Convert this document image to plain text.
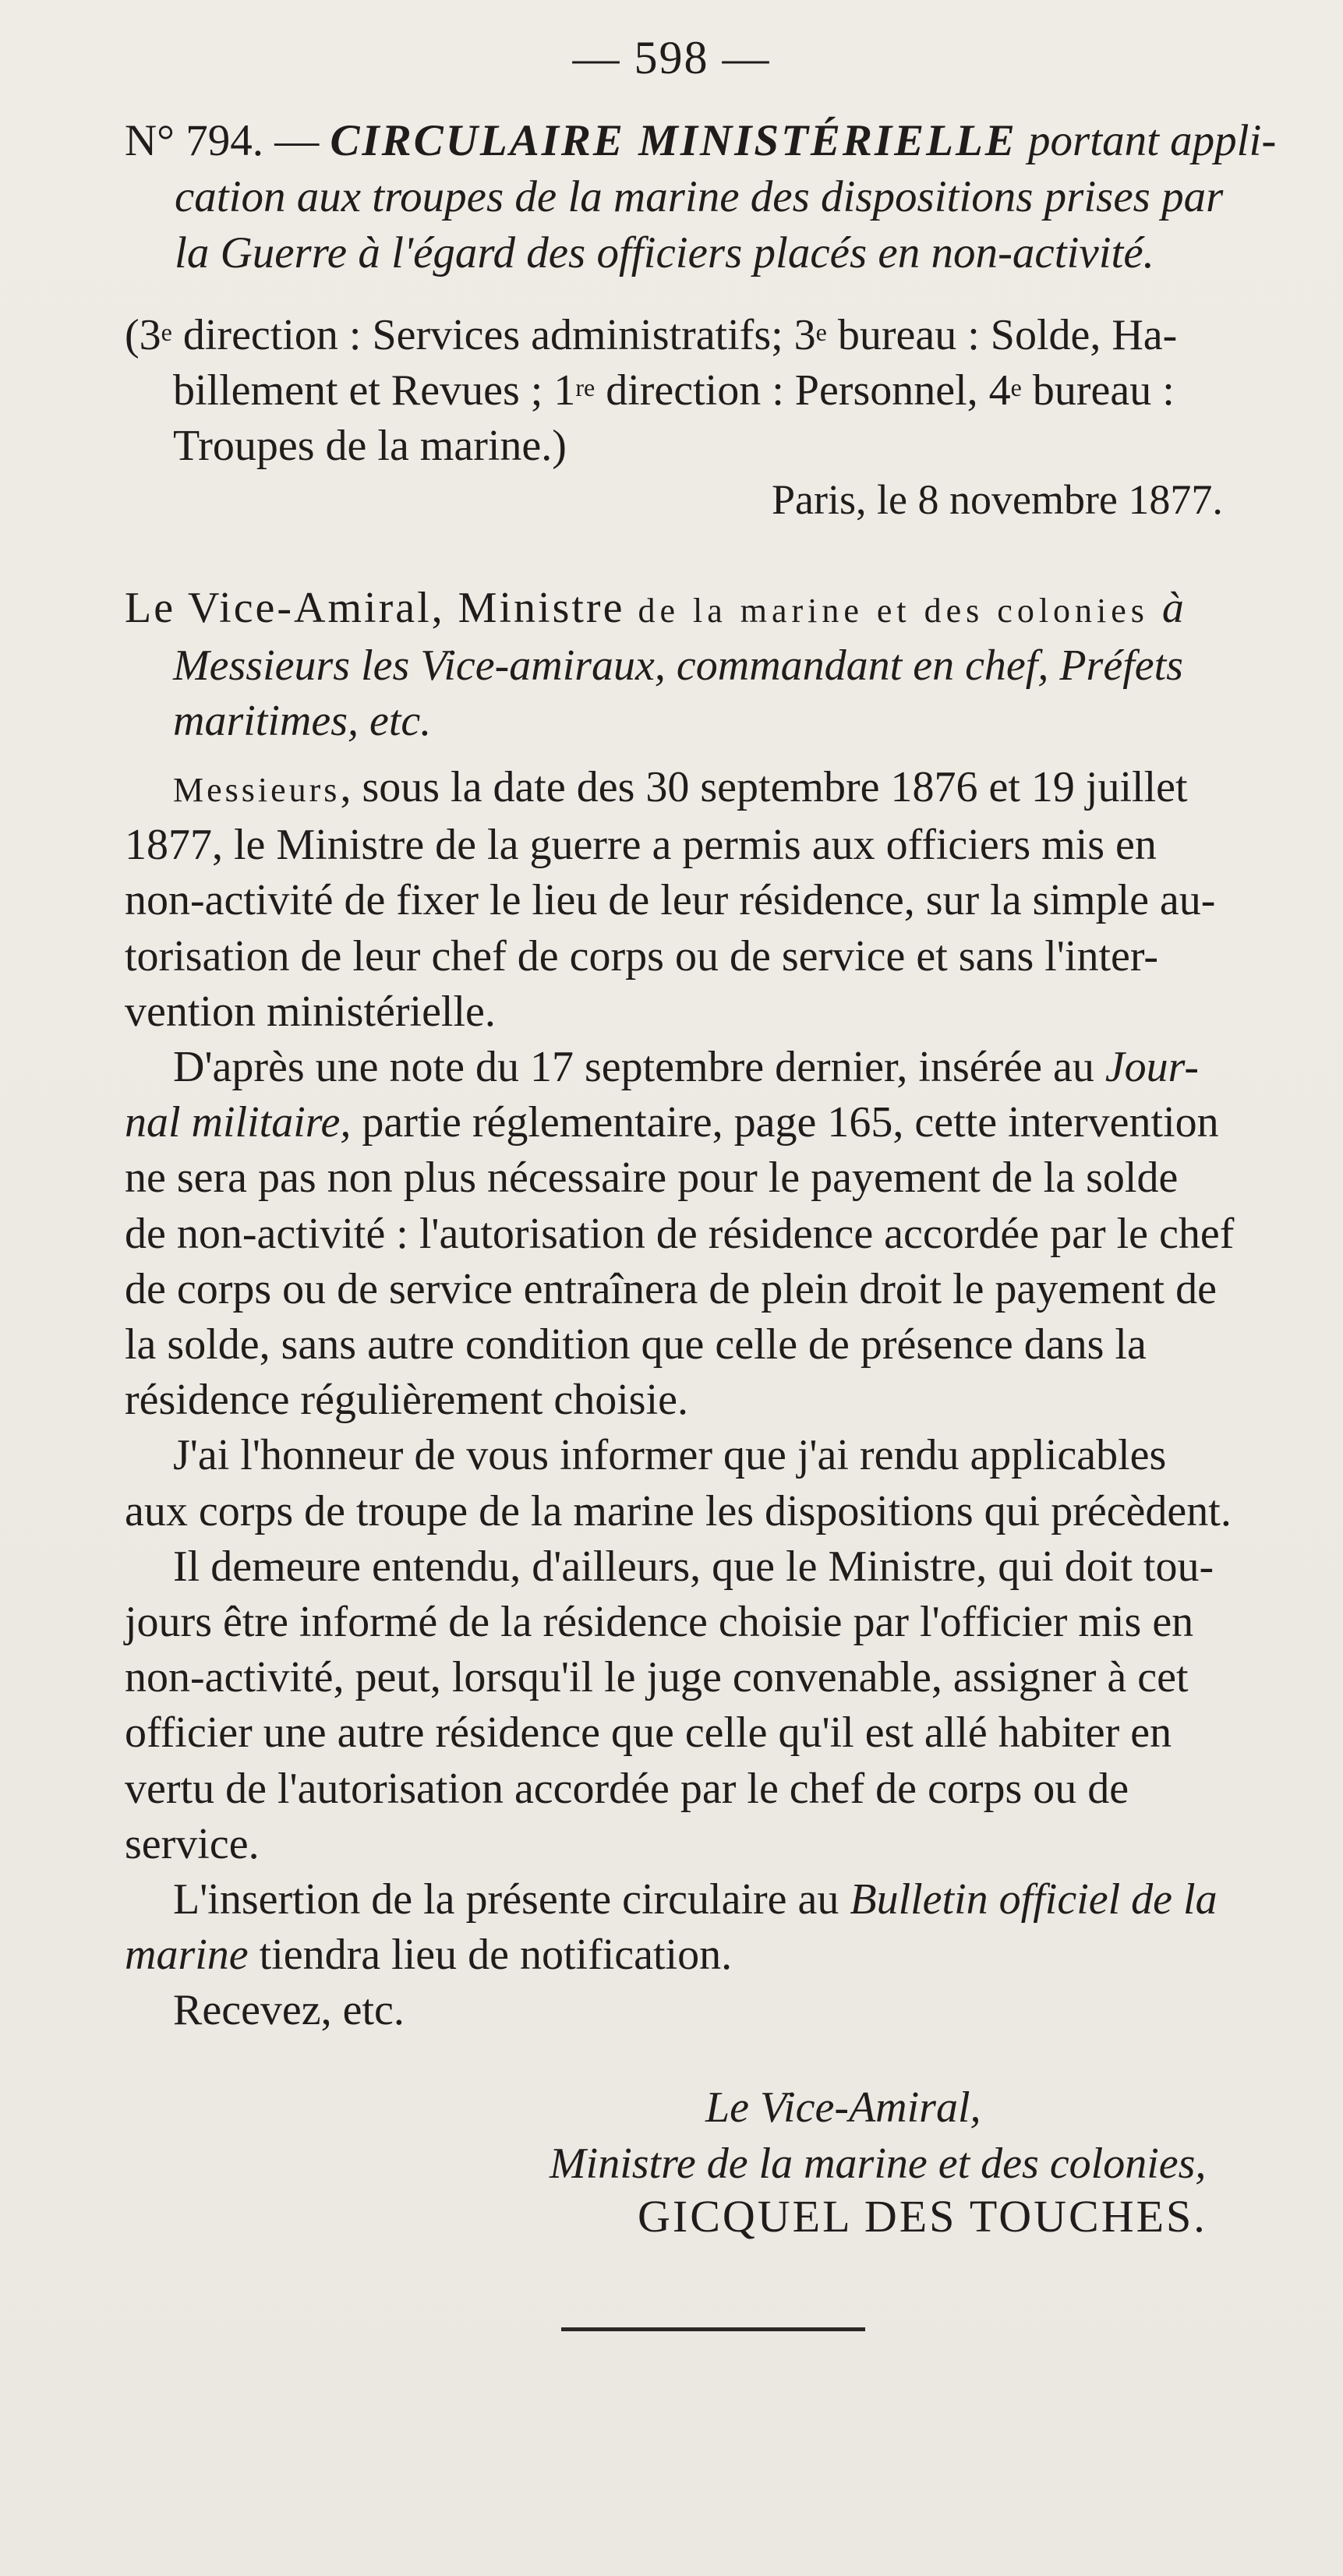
— 598 —

N° 794. — CIRCULAIRE MINISTÉRIELLE portant appli-

cation aux troupes de la marine des dispositions prises par

la Guerre à l'égard des officiers placés en non-activité.

(3e direction : Services administratifs; 3e bureau : Solde, Ha-

billement et Revues ; 1re direction : Personnel, 4e bureau :

Troupes de la marine.)

Paris, le 8 novembre 1877.

Le Vice-Amiral, Ministre de la marine et des colonies à

Messieurs les Vice-amiraux, commandant en chef, Préfets

maritimes, etc.

Messieurs, sous la date des 30 septembre 1876 et 19 juillet

1877, le Ministre de la guerre a permis aux officiers mis en

non-activité de fixer le lieu de leur résidence, sur la simple au-

torisation de leur chef de corps ou de service et sans l'inter-

vention ministérielle.

D'après une note du 17 septembre dernier, insérée au Jour-

nal militaire, partie réglementaire, page 165, cette intervention

ne sera pas non plus nécessaire pour le payement de la solde

de non-activité : l'autorisation de résidence accordée par le chef

de corps ou de service entraînera de plein droit le payement de

la solde, sans autre condition que celle de présence dans la

résidence régulièrement choisie.

J'ai l'honneur de vous informer que j'ai rendu applicables

aux corps de troupe de la marine les dispositions qui précèdent.

Il demeure entendu, d'ailleurs, que le Ministre, qui doit tou-

jours être informé de la résidence choisie par l'officier mis en

non-activité, peut, lorsqu'il le juge convenable, assigner à cet

officier une autre résidence que celle qu'il est allé habiter en

vertu de l'autorisation accordée par le chef de corps ou de

service.

L'insertion de la présente circulaire au Bulletin officiel de la

marine tiendra lieu de notification.

Recevez, etc.

Le Vice-Amiral,
Ministre de la marine et des colonies,
GICQUEL DES TOUCHES.
